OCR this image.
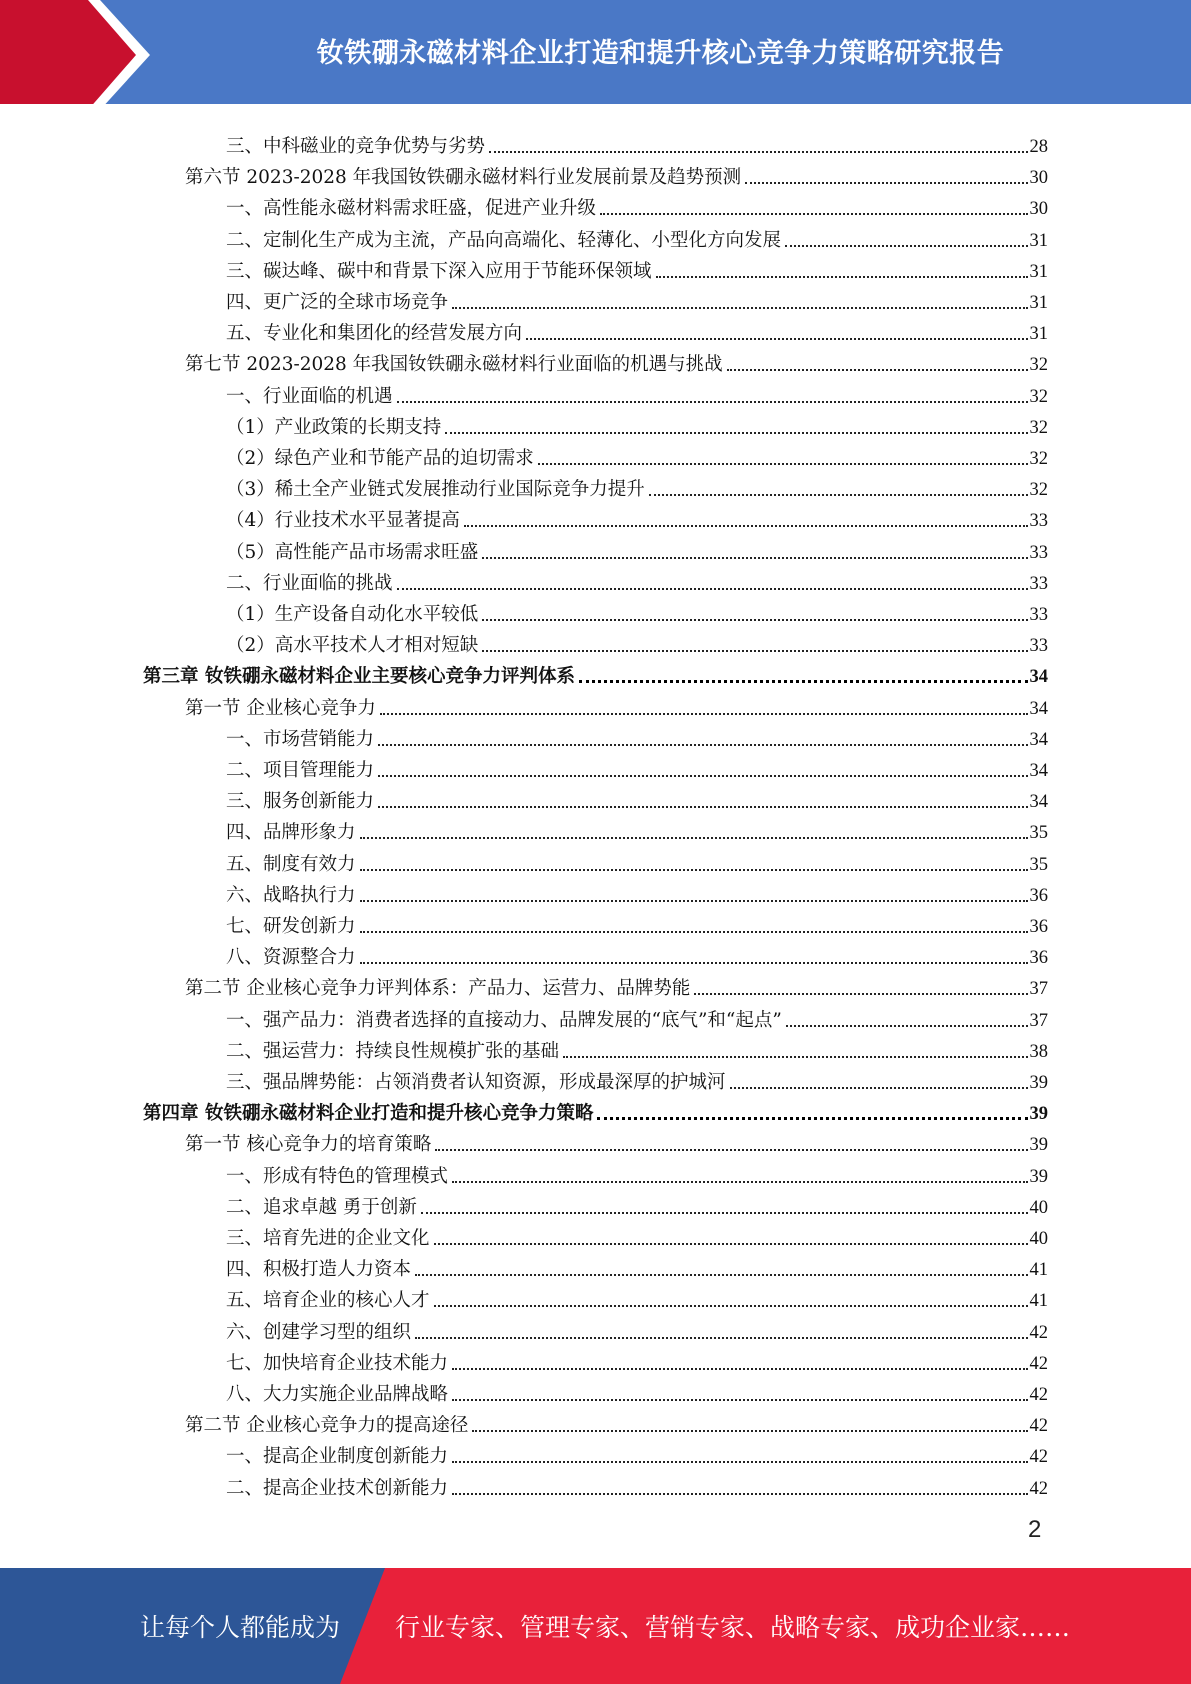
钕铁硼永磁材料企业打造和提升核心竞争力策略研究报告
三、中科磁业的竞争优势与劣势	28
第六节 2023-2028 年我国钕铁硼永磁材料行业发展前景及趋势预测	30
一、高性能永磁材料需求旺盛，促进产业升级	30
二、定制化生产成为主流，产品向高端化、轻薄化、小型化方向发展	31
三、碳达峰、碳中和背景下深入应用于节能环保领域	31
四、更广泛的全球市场竞争	31
五、专业化和集团化的经营发展方向	31
第七节 2023-2028 年我国钕铁硼永磁材料行业面临的机遇与挑战	32
一、行业面临的机遇	32
（1）产业政策的长期支持	32
（2）绿色产业和节能产品的迫切需求	32
（3）稀土全产业链式发展推动行业国际竞争力提升	32
（4）行业技术水平显著提高	33
（5）高性能产品市场需求旺盛	33
二、行业面临的挑战	33
（1）生产设备自动化水平较低	33
（2）高水平技术人才相对短缺	33
第三章 钕铁硼永磁材料企业主要核心竞争力评判体系	34
第一节 企业核心竞争力	34
一、市场营销能力	34
二、项目管理能力	34
三、服务创新能力	34
四、品牌形象力	35
五、制度有效力	35
六、战略执行力	36
七、研发创新力	36
八、资源整合力	36
第二节 企业核心竞争力评判体系：产品力、运营力、品牌势能	37
一、强产品力：消费者选择的直接动力、品牌发展的“底气”和“起点”	37
二、强运营力：持续良性规模扩张的基础	38
三、强品牌势能：占领消费者认知资源，形成最深厚的护城河	39
第四章 钕铁硼永磁材料企业打造和提升核心竞争力策略	39
第一节 核心竞争力的培育策略	39
一、形成有特色的管理模式	39
二、追求卓越 勇于创新	40
三、培育先进的企业文化	40
四、积极打造人力资本	41
五、培育企业的核心人才	41
六、创建学习型的组织	42
七、加快培育企业技术能力	42
八、大力实施企业品牌战略	42
第二节 企业核心竞争力的提高途径	42
一、提高企业制度创新能力	42
二、提高企业技术创新能力	42
2
让每个人都能成为 行业专家、管理专家、营销专家、战略专家、成功企业家……
